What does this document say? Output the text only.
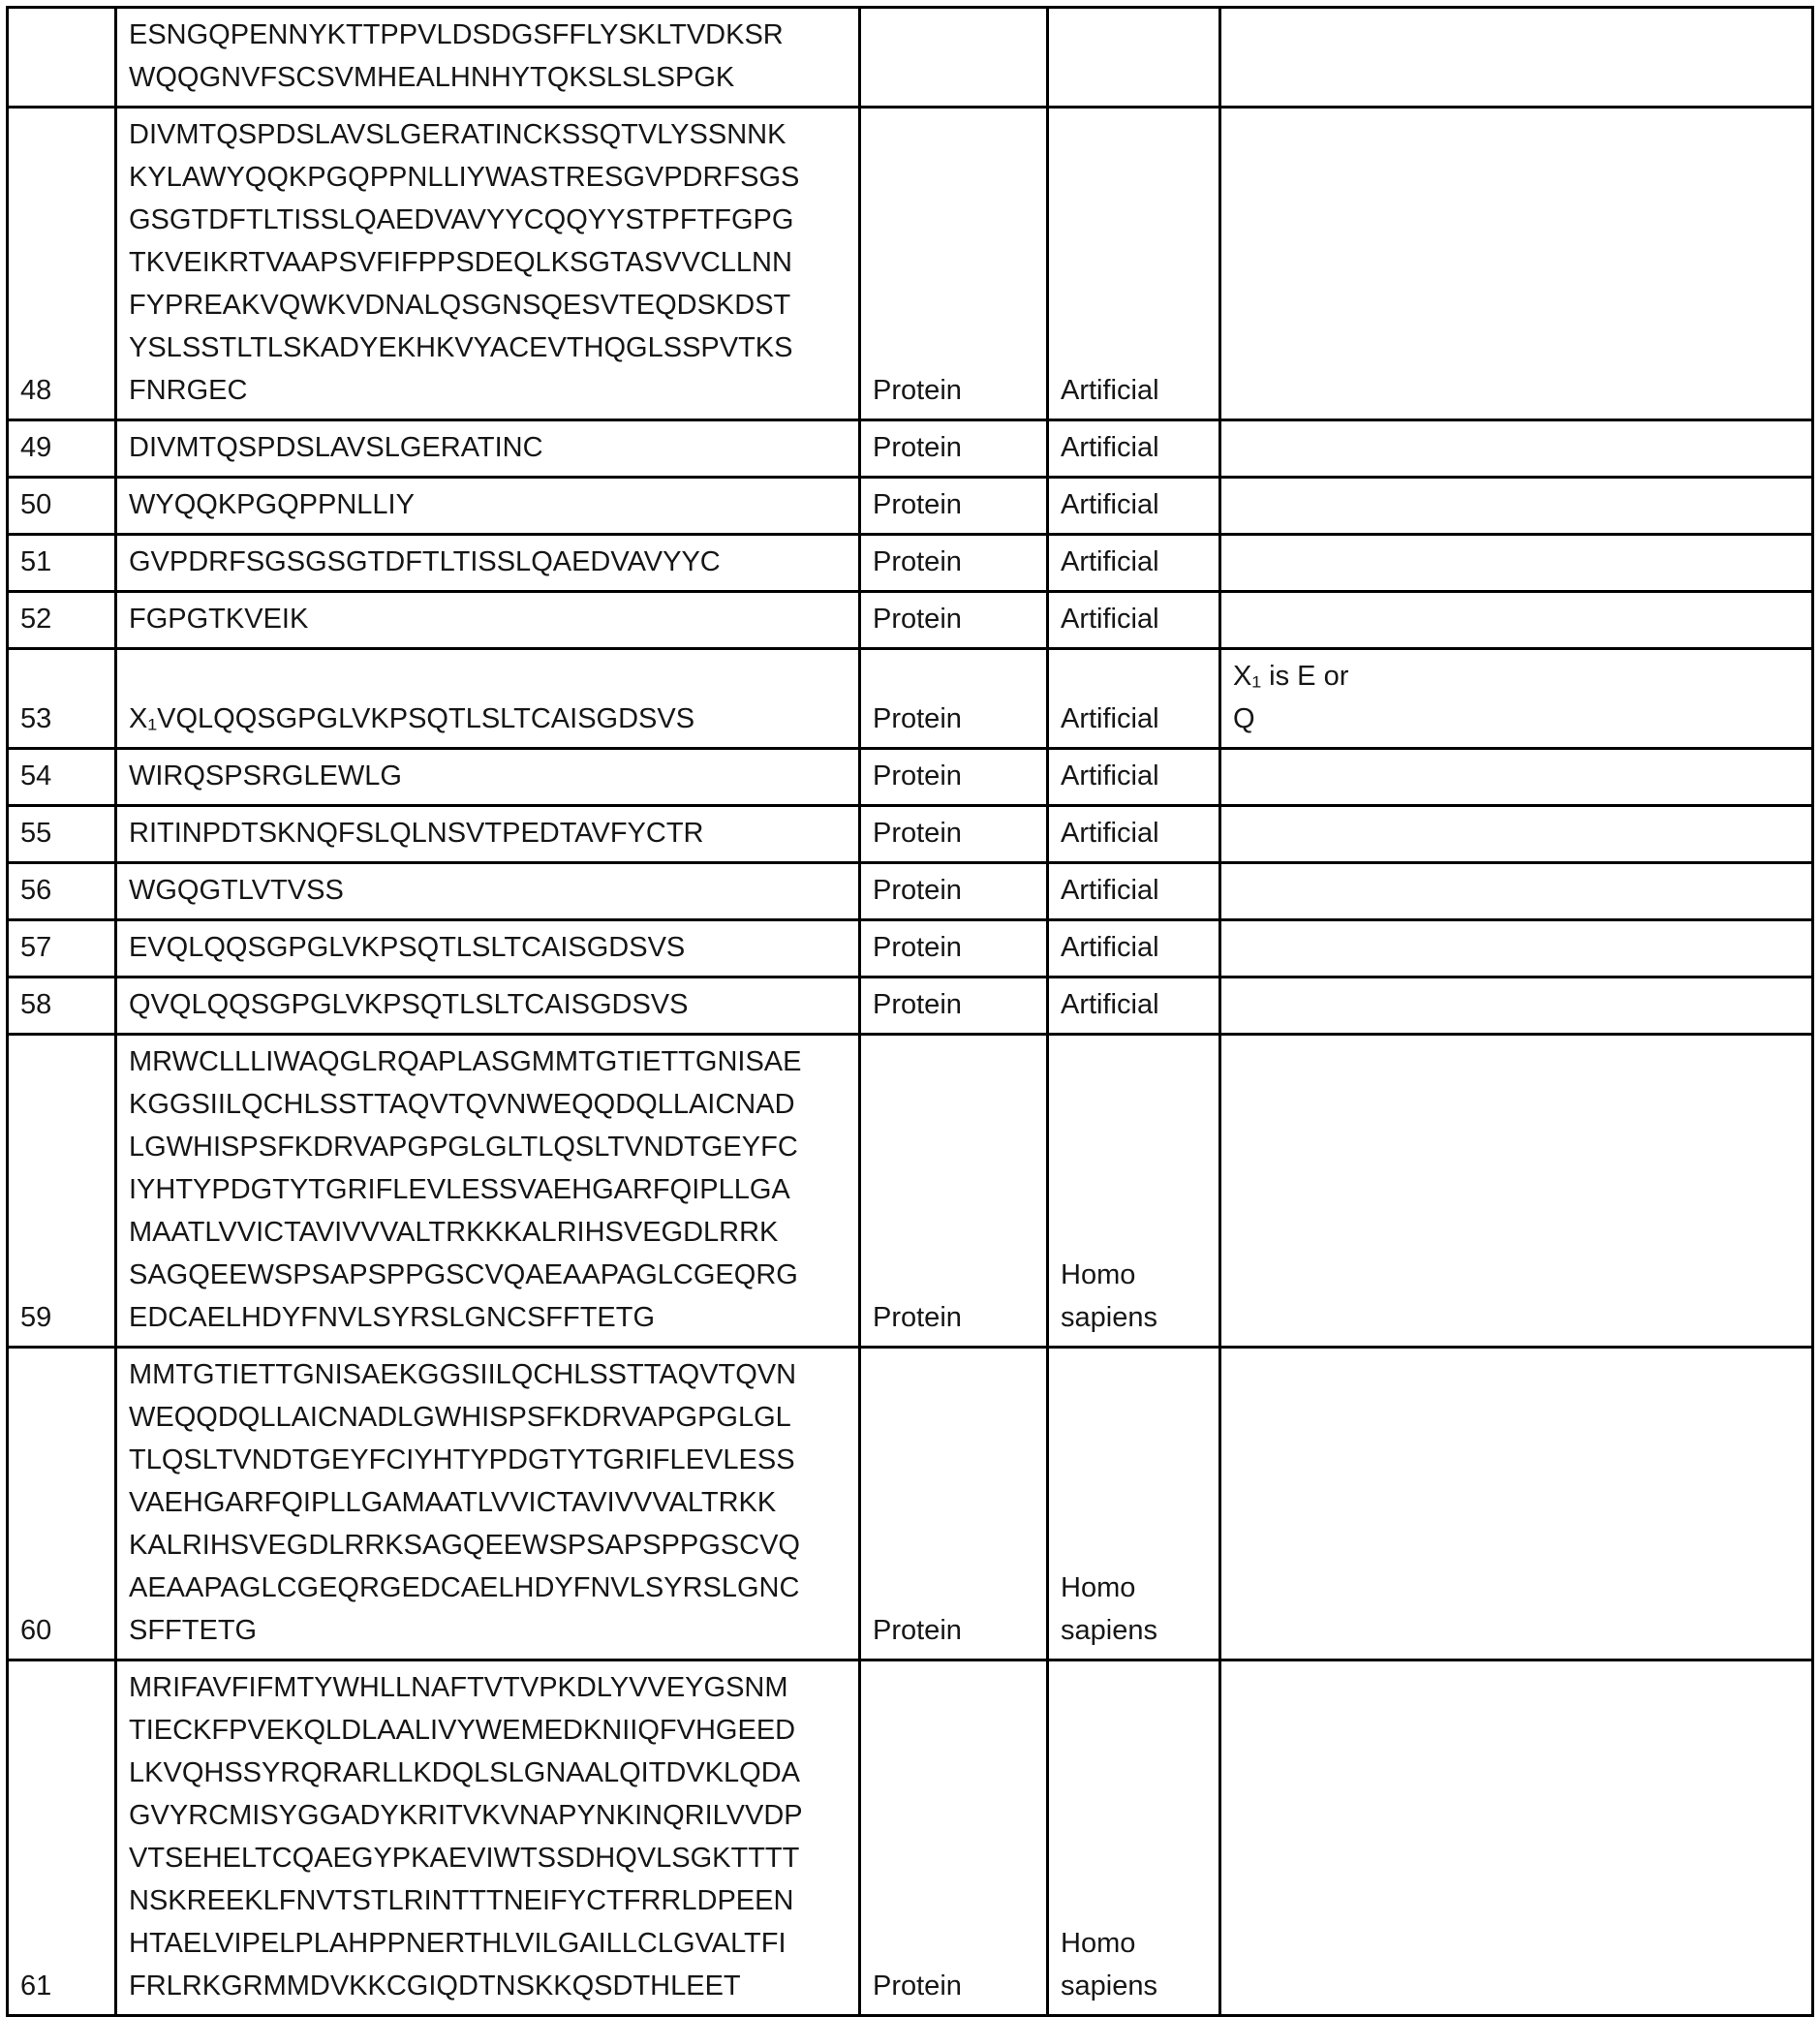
	ESNGQPENNYKTTPPVLDSDGSFFLYSKLTVDKSR
WQQGNVFSCSVMHEALHNHYTQKSLSLSPGK			
48	DIVMTQSPDSLAVSLGERATINCKSSQTVLYSSNNK
KYLAWYQQKPGQPPNLLIYWASTRESGVPDRFSGS
GSGTDFTLTISSLQAEDVAVYYCQQYYSTPFTFGPG
TKVEIKRTVAAPSVFIFPPSDEQLKSGTASVVCLLNN
FYPREAKVQWKVDNALQSGNSQESVTEQDSKDST
YSLSSTLTLSKADYEKHKVYACEVTHQGLSSPVTKS
FNRGEC	Protein	Artificial	
49	DIVMTQSPDSLAVSLGERATINC	Protein	Artificial	
50	WYQQKPGQPPNLLIY	Protein	Artificial	
51	GVPDRFSGSGSGTDFTLTISSLQAEDVAVYYC	Protein	Artificial	
52	FGPGTKVEIK	Protein	Artificial	
53	X₁VQLQQSGPGLVKPSQTLSLTCAISGDSVS	Protein	Artificial	X₁ is E or
Q
54	WIRQSPSRGLEWLG	Protein	Artificial	
55	RITINPDTSKNQFSLQLNSVTPEDTAVFYCTR	Protein	Artificial	
56	WGQGTLVTVSS	Protein	Artificial	
57	EVQLQQSGPGLVKPSQTLSLTCAISGDSVS	Protein	Artificial	
58	QVQLQQSGPGLVKPSQTLSLTCAISGDSVS	Protein	Artificial	
59	MRWCLLLIWAQGLRQAPLASGMMTGTIETTGNISAE
KGGSIILQCHLSSTTAQVTQVNWEQQDQLLAICNAD
LGWHISPSFKDRVAPGPGLGLTLQSLTVNDTGEYFC
IYHTYPDGTYTGRIFLEVLESSVAEHGARFQIPLLGA
MAATLVVICTAVIVVVALTRKKKALRIHSVEGDLRRK
SAGQEEWSPSAPSPPGSCVQAEAAPAGLCGEQRG
EDCAELHDYFNVLSYRSLGNCSFFTETG	Protein	Homo
sapiens	
60	MMTGTIETTGNISAEKGGSIILQCHLSSTTAQVTQVN
WEQQDQLLAICNADLGWHISPSFKDRVAPGPGLGL
TLQSLTVNDTGEYFCIYHTYPDGTYTGRIFLEVLESS
VAEHGARFQIPLLGAMAATLVVICTAVIVVVALTRKK
KALRIHSVEGDLRRKSAGQEEWSPSAPSPPGSCVQ
AEAAPAGLCGEQRGEDCAELHDYFNVLSYRSLGNC
SFFTETG	Protein	Homo
sapiens	
61	MRIFAVFIFMTYWHLLNAFTVTVPKDLYVVEYGSNM
TIECKFPVEKQLDLAALIVYWEMEDKNIIQFVHGEED
LKVQHSSYRQRARLLKDQLSLGNAALQITDVKLQDA
GVYRCMISYGGADYKRITVKVNAPYNKINQRILVVDP
VTSEHELTCQAEGYPKAEVIWTSSDHQVLSGKTTTT
NSKREEKLFNVTSTLRINTTTNEIFYCTFRRLDPEEN
HTAELVIPELPLAHPPNERTHLVILGAILLCLGVALTFI
FRLRKGRMMDVKKCGIQDTNSKKQSDTHLEET	Protein	Homo
sapiens	
